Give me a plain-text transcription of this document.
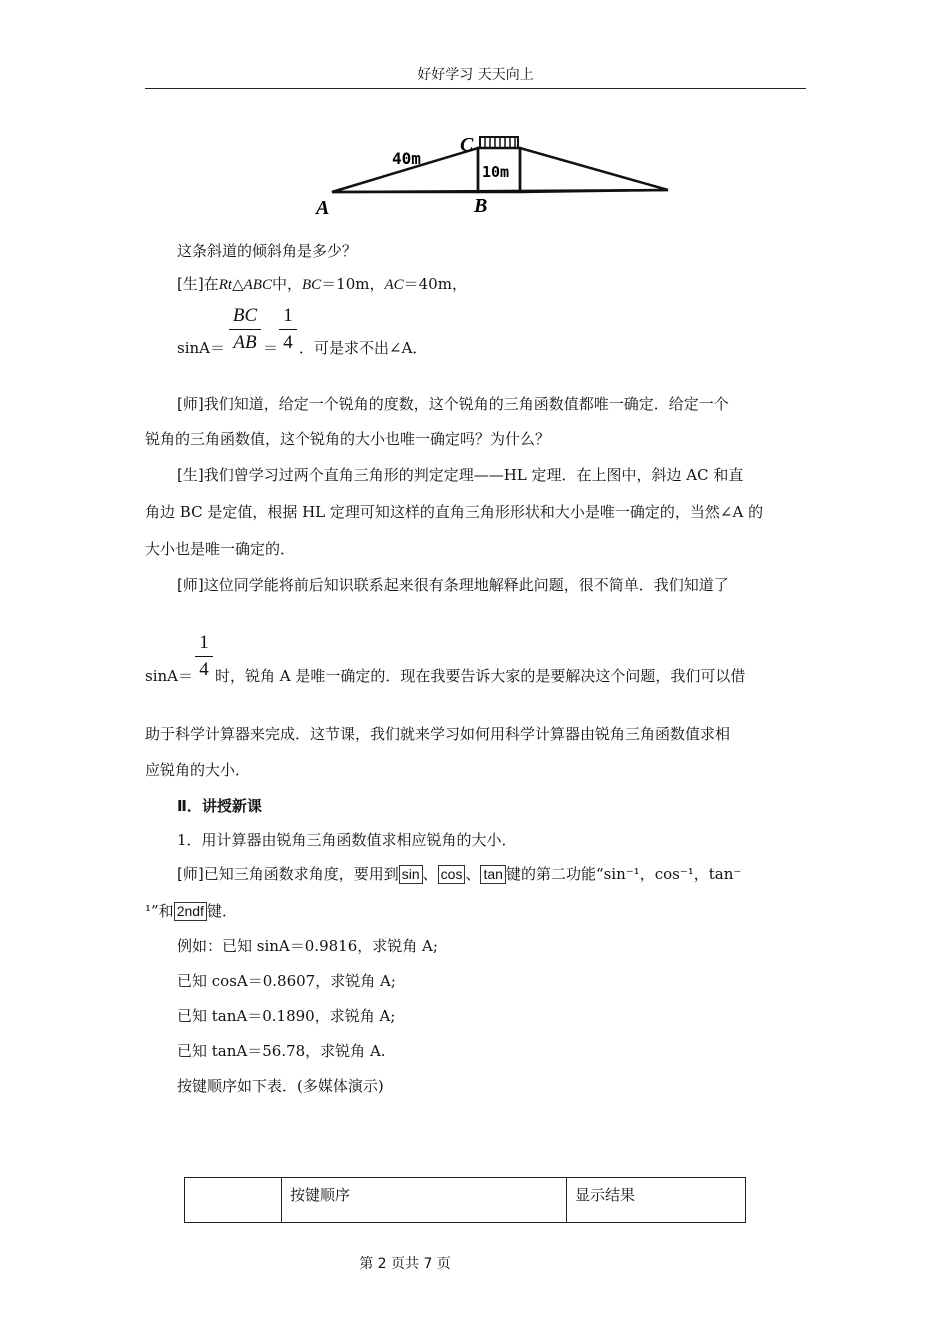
好好学习 天天向上
C
A	B
40m
10m
这条斜道的倾斜角是多少？
[生]在Rt△ABC中，BC＝10m，AC＝40m，
sinA＝
BC
AB ＝
1
4 ．可是求不出∠A．
[师]我们知道，给定一个锐角的度数，这个锐角的三角函数值都唯一确定．给定一个
锐角的三角函数值，这个锐角的大小也唯一确定吗？为什么？
[生]我们曾学习过两个直角三角形的判定定理——HL 定理．在上图中，斜边 AC 和直
角边 BC 是定值，根据 HL 定理可知这样的直角三角形形状和大小是唯一确定的，当然∠A 的
大小也是唯一确定的．
[师]这位同学能将前后知识联系起来很有条理地解释此问题，很不简单．我们知道了
sinA＝
1
4 时，锐角 A 是唯一确定的．现在我要告诉大家的是要解决这个问题，我们可以借
助于科学计算器来完成．这节课，我们就来学习如何用科学计算器由锐角三角函数值求相
应锐角的大小．
Ⅱ．讲授新课
1．用计算器由锐角三角函数值求相应锐角的大小．
[师]已知三角函数求角度，要用到 sin 、 cos 、 tan 键的第二功能“sin⁻¹，cos⁻¹，tan⁻
¹”和 2ndf 键．
例如：已知 sinA＝0.9816，求锐角 A;
已知 cosA＝0.8607，求锐角 A;
已知 tanA＝0.1890，求锐角 A;
已知 tanA＝56.78，求锐角 A.
按键顺序如下表．(多媒体演示)
	按键顺序	显示结果
第 2 页共 7 页
